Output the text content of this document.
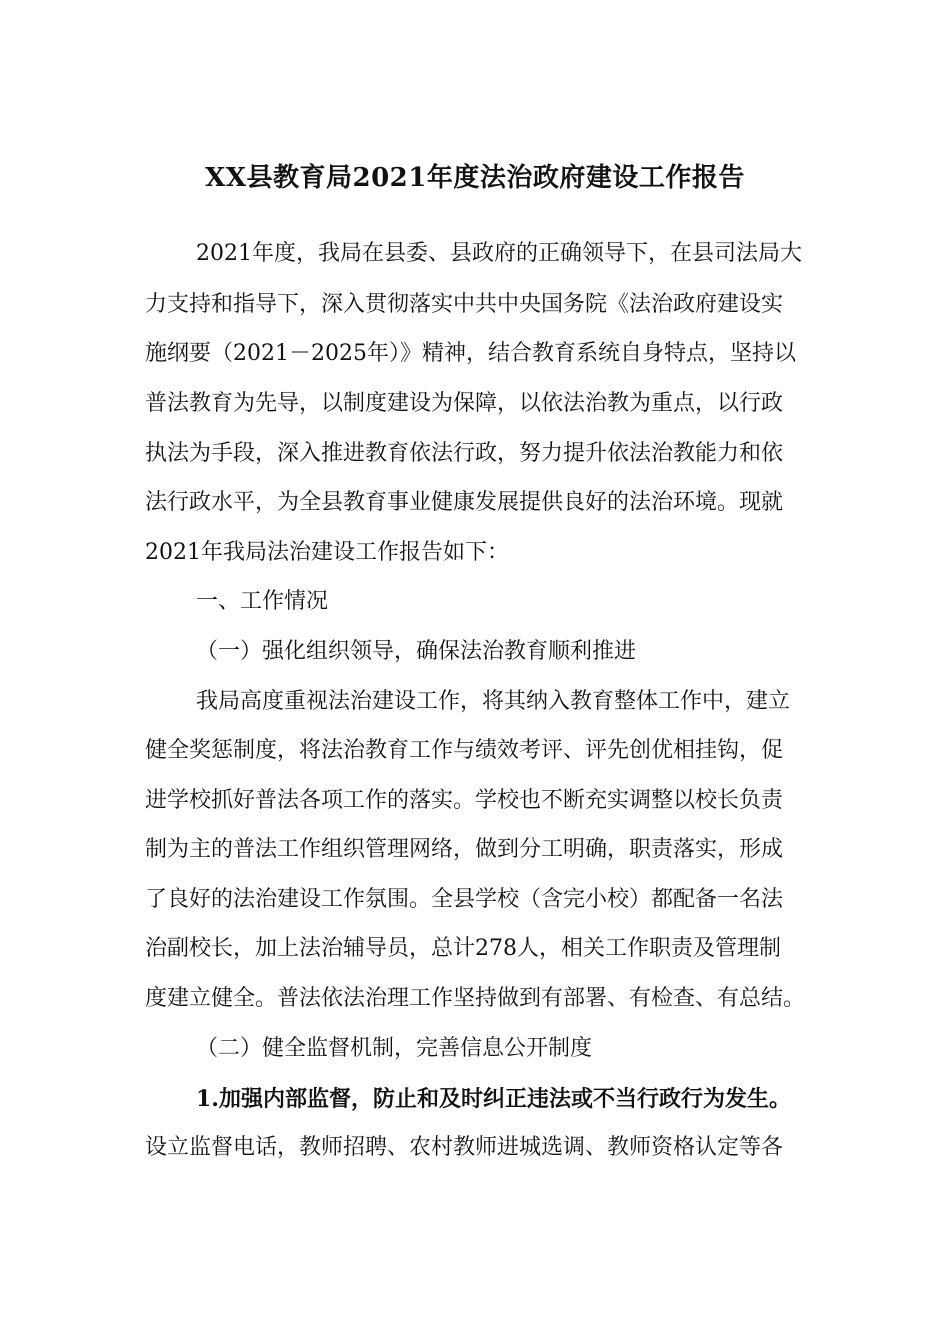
XX县教育局2021年度法治政府建设工作报告
2021年度，我局在县委、县政府的正确领导下，在县司法局大
力支持和指导下，深入贯彻落实中共中央国务院《法治政府建设实
施纲要（2021－2025年）》精神，结合教育系统自身特点，坚持以
普法教育为先导，以制度建设为保障，以依法治教为重点，以行政
执法为手段，深入推进教育依法行政，努力提升依法治教能力和依
法行政水平，为全县教育事业健康发展提供良好的法治环境。现就
2021年我局法治建设工作报告如下：
一、工作情况
（一）强化组织领导，确保法治教育顺利推进
我局高度重视法治建设工作，将其纳入教育整体工作中，建立
健全奖惩制度，将法治教育工作与绩效考评、评先创优相挂钩，促
进学校抓好普法各项工作的落实。学校也不断充实调整以校长负责
制为主的普法工作组织管理网络，做到分工明确，职责落实，形成
了良好的法治建设工作氛围。全县学校（含完小校）都配备一名法
治副校长，加上法治辅导员，总计278人，相关工作职责及管理制
度建立健全。普法依法治理工作坚持做到有部署、有检查、有总结。
（二）健全监督机制，完善信息公开制度
1.加强内部监督，防止和及时纠正违法或不当行政行为发生。
设立监督电话，教师招聘、农村教师进城选调、教师资格认定等各
